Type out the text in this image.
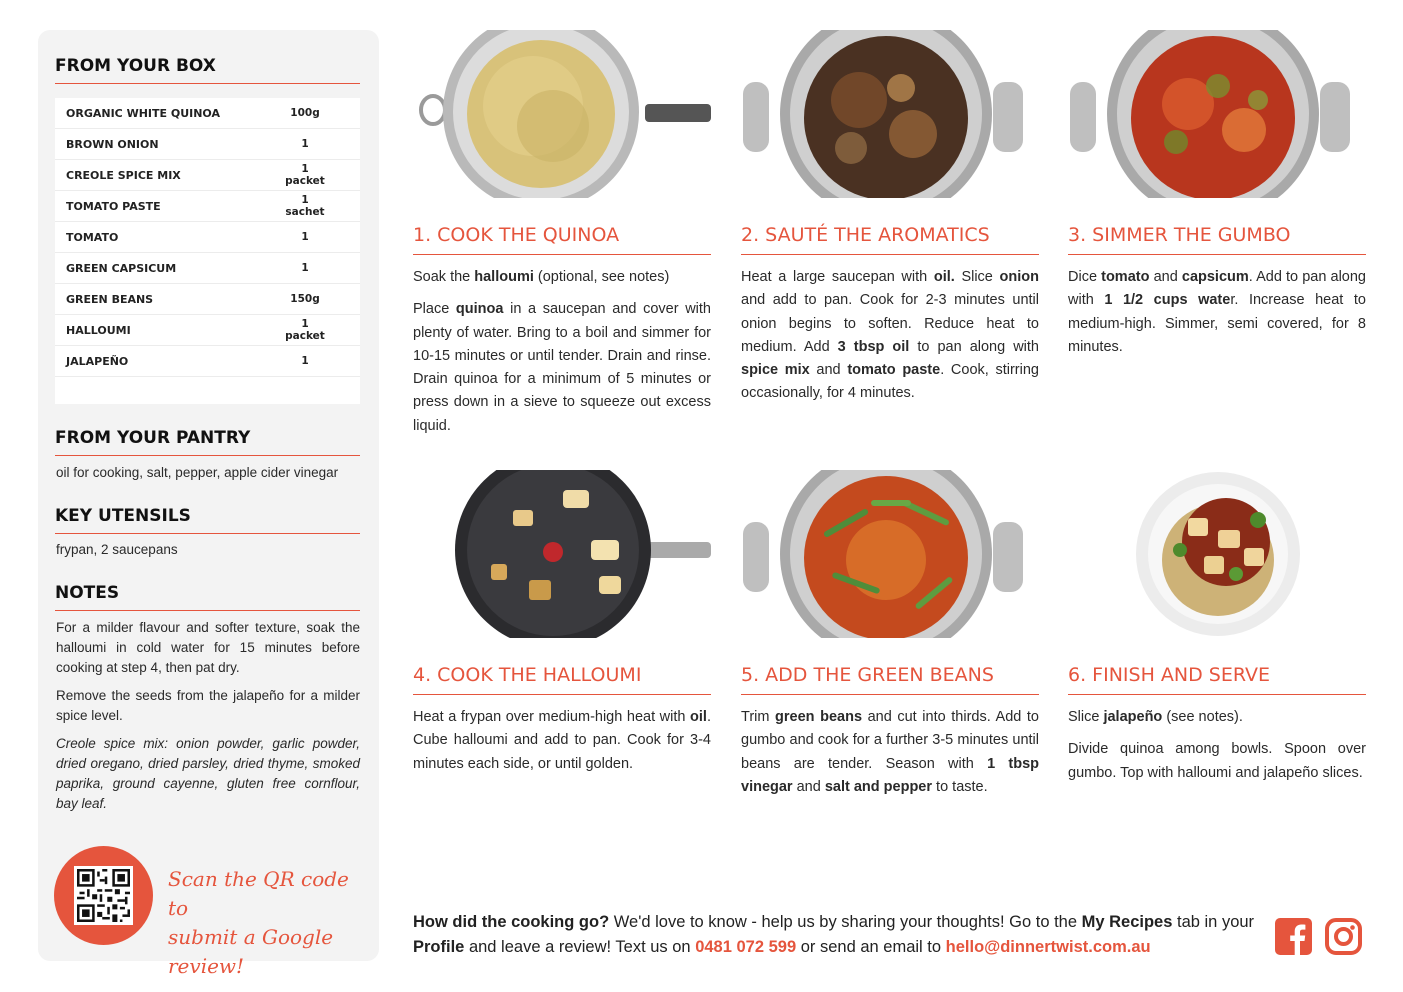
FROM YOUR BOX
ORGANIC WHITE QUINOA	100g
BROWN ONION	1
CREOLE SPICE MIX	1 packet
TOMATO PASTE	1 sachet
TOMATO	1
GREEN CAPSICUM	1
GREEN BEANS	150g
HALLOUMI	1 packet
JALAPEÑO	1
FROM YOUR PANTRY
oil for cooking, salt, pepper, apple cider vinegar
KEY UTENSILS
frypan, 2 saucepans
NOTES

For a milder flavour and softer texture, soak the halloumi in cold water for 15 minutes before cooking at step 4, then pat dry.

Remove the seeds from the jalapeño for a milder spice level.

Creole spice mix: onion powder, garlic powder, dried oregano, dried parsley, dried thyme, smoked paprika, ground cayenne, gluten free cornflour, bay leaf.

Scan the QR code to
submit a Google review!
1. COOK THE QUINOA

Soak the halloumi (optional, see notes)

Place quinoa in a saucepan and cover with plenty of water. Bring to a boil and simmer for 10-15 minutes or until tender. Drain and rinse. Drain quinoa for a minimum of 5 minutes or press down in a sieve to squeeze out excess liquid.

2. SAUTÉ THE AROMATICS

Heat a large saucepan with oil. Slice onion and add to pan. Cook for 2-3 minutes until onion begins to soften. Reduce heat to medium. Add 3 tbsp oil to pan along with spice mix and tomato paste. Cook, stirring occasionally, for 4 minutes.

3. SIMMER THE GUMBO

Dice tomato and capsicum. Add to pan along with 1 1/2 cups water. Increase heat to medium-high. Simmer, semi covered, for 8 minutes.

4. COOK THE HALLOUMI

Heat a frypan over medium-high heat with oil. Cube halloumi and add to pan. Cook for 3-4 minutes each side, or until golden.

5. ADD THE GREEN BEANS

Trim green beans and cut into thirds. Add to gumbo and cook for a further 3-5 minutes until beans are tender. Season with 1 tbsp vinegar and salt and pepper to taste.

6. FINISH AND SERVE

Slice jalapeño (see notes).

Divide quinoa among bowls. Spoon over gumbo. Top with halloumi and jalapeño slices.

How did the cooking go? We'd love to know - help us by sharing your thoughts! Go to the My Recipes tab in your Profile and leave a review! Text us on 0481 072 599 or send an email to hello@dinnertwist.com.au
